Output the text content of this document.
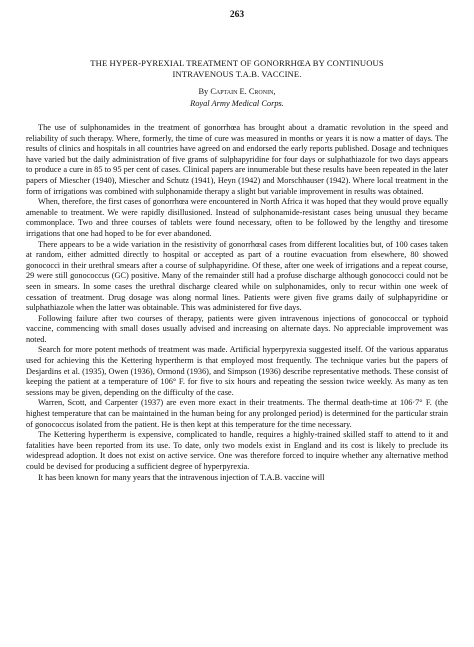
263
THE HYPER-PYREXIAL TREATMENT OF GONORRHŒA BY CONTINUOUS
INTRAVENOUS T.A.B. VACCINE.
By Captain E. Cronin,
Royal Army Medical Corps.

The use of sulphonamides in the treatment of gonorrhœa has brought about a dramatic revolution in the speed and reliability of such therapy. Where, formerly, the time of cure was measured in months or years it is now a matter of days. The results of clinics and hospitals in all countries have agreed on and endorsed the early reports published. Dosage and techniques have varied but the daily administration of five grams of sulphapyridine for four days or sulphathiazole for two days appears to produce a cure in 85 to 95 per cent of cases. Clinical papers are innumerable but these results have been repeated in the later papers of Miescher (1940), Miescher and Schutz (1941), Heyn (1942) and Morschhauser (1942). Where local treatment in the form of irrigations was combined with sulphonamide therapy a slight but variable improvement in results was obtained.

When, therefore, the first cases of gonorrhœa were encountered in North Africa it was hoped that they would prove equally amenable to treatment. We were rapidly disillusioned. Instead of sulphonamide-resistant cases being unusual they became commonplace. Two and three courses of tablets were found necessary, often to be followed by the lengthy and tiresome irrigations that one had hoped to be for ever abandoned.

There appears to be a wide variation in the resistivity of gonorrhœal cases from different localities but, of 100 cases taken at random, either admitted directly to hospital or accepted as part of a routine evacuation from elsewhere, 80 showed gonococci in their urethral smears after a course of sulphapyridine. Of these, after one week of irrigations and a repeat course, 29 were still gonococcus (GC) positive. Many of the remainder still had a profuse discharge although gonococci could not be seen in smears. In some cases the urethral discharge cleared while on sulphonamides, only to recur within one week of cessation of treatment. Drug dosage was along normal lines. Patients were given five grams daily of sulphapyridine or sulphathiazole when the latter was obtainable. This was administered for five days.

Following failure after two courses of therapy, patients were given intravenous injections of gonococcal or typhoid vaccine, commencing with small doses usually advised and increasing on alternate days. No appreciable improvement was noted.

Search for more potent methods of treatment was made. Artificial hyperpyrexia suggested itself. Of the various apparatus used for achieving this the Kettering hypertherm is that employed most frequently. The technique varies but the papers of Desjardins et al. (1935), Owen (1936), Ormond (1936), and Simpson (1936) describe representative methods. These consist of keeping the patient at a temperature of 106° F. for five to six hours and repeating the session twice weekly. As many as ten sessions may be given, depending on the difficulty of the case.

Warren, Scott, and Carpenter (1937) are even more exact in their treatments. The thermal death-time at 106·7° F. (the highest temperature that can be maintained in the human being for any prolonged period) is determined for the particular strain of gonococcus isolated from the patient. He is then kept at this temperature for the time necessary.

The Kettering hypertherm is expensive, complicated to handle, requires a highly-trained skilled staff to attend to it and fatalities have been reported from its use. To date, only two models exist in England and its cost is likely to preclude its widespread adoption. It does not exist on active service. One was therefore forced to inquire whether any alternative method could be devised for producing a sufficient degree of hyperpyrexia.

It has been known for many years that the intravenous injection of T.A.B. vaccine will
